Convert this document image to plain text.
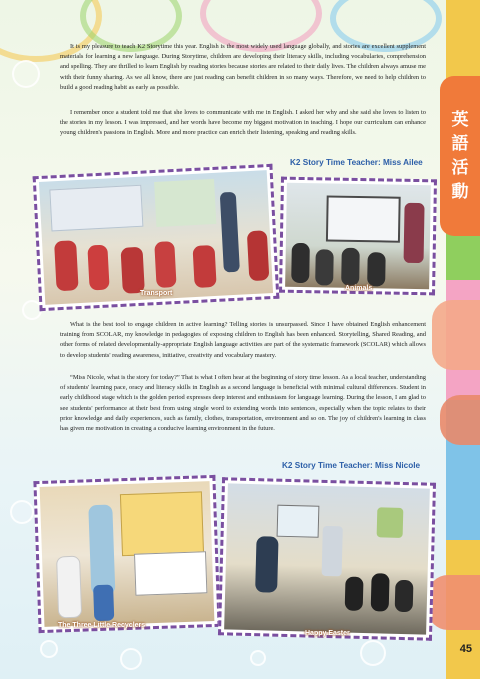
英
語
活
動

It is my pleasure to teach K2 Storytime this year. English is the most widely used language globally, and stories are excellent supplement materials for learning a new language. During Storytime, children are developing their literacy skills, including vocabularies, comprehension and spelling. They are thrilled to learn English by reading stories because stories are related to their daily lives. The children always amuse me with their funny sharing. As we all know, there are just reading can benefit children in so many ways. Therefore, we need to help children to build a good reading habit as early as possible.

I remember once a student told me that she loves to communicate with me in English. I asked her why and she said she loves to listen to the stories in my lesson. I was impressed, and her words have become my biggest motivation in teaching. I hope our curriculum can enhance young children's passions in English. More and more practice can enrich their listening, speaking and reading skills.

K2 Story Time Teacher: Miss Ailee
Transport
Animals

What is the best tool to engage children in active learning? Telling stories is unsurpassed. Since I have obtained English enhancement training from SCOLAR, my knowledge in pedagogies of exposing children to English has been enhanced. Storytelling, Shared Reading, and other forms of related developmentally-appropriate English language activities are part of the systematic framework (SCOLAR) which allows to develop students' reading awareness, initiative, creativity and vocabulary mastery.

“Miss Nicole, what is the story for today?” That is what I often hear at the beginning of story time lesson. As a local teacher, understanding of students' learning pace, oracy and literacy skills in English as a second language is beneficial with minimal cultural differences. Student in early childhood stage which is the golden period expresses deep interest and enthusiasm for language learning. During the lesson, I am glad to see students' performance at their best from using single word to extending words into sentences, especially when the topic relates to their prior knowledge and daily experiences, such as family, clothes, transportation, environment and so on. The joy of children's learning in class has given me motivation in creating a conducive learning environment in the future.

K2 Story Time Teacher: Miss Nicole
The Three Little Recyclers
Happy Easter
45
